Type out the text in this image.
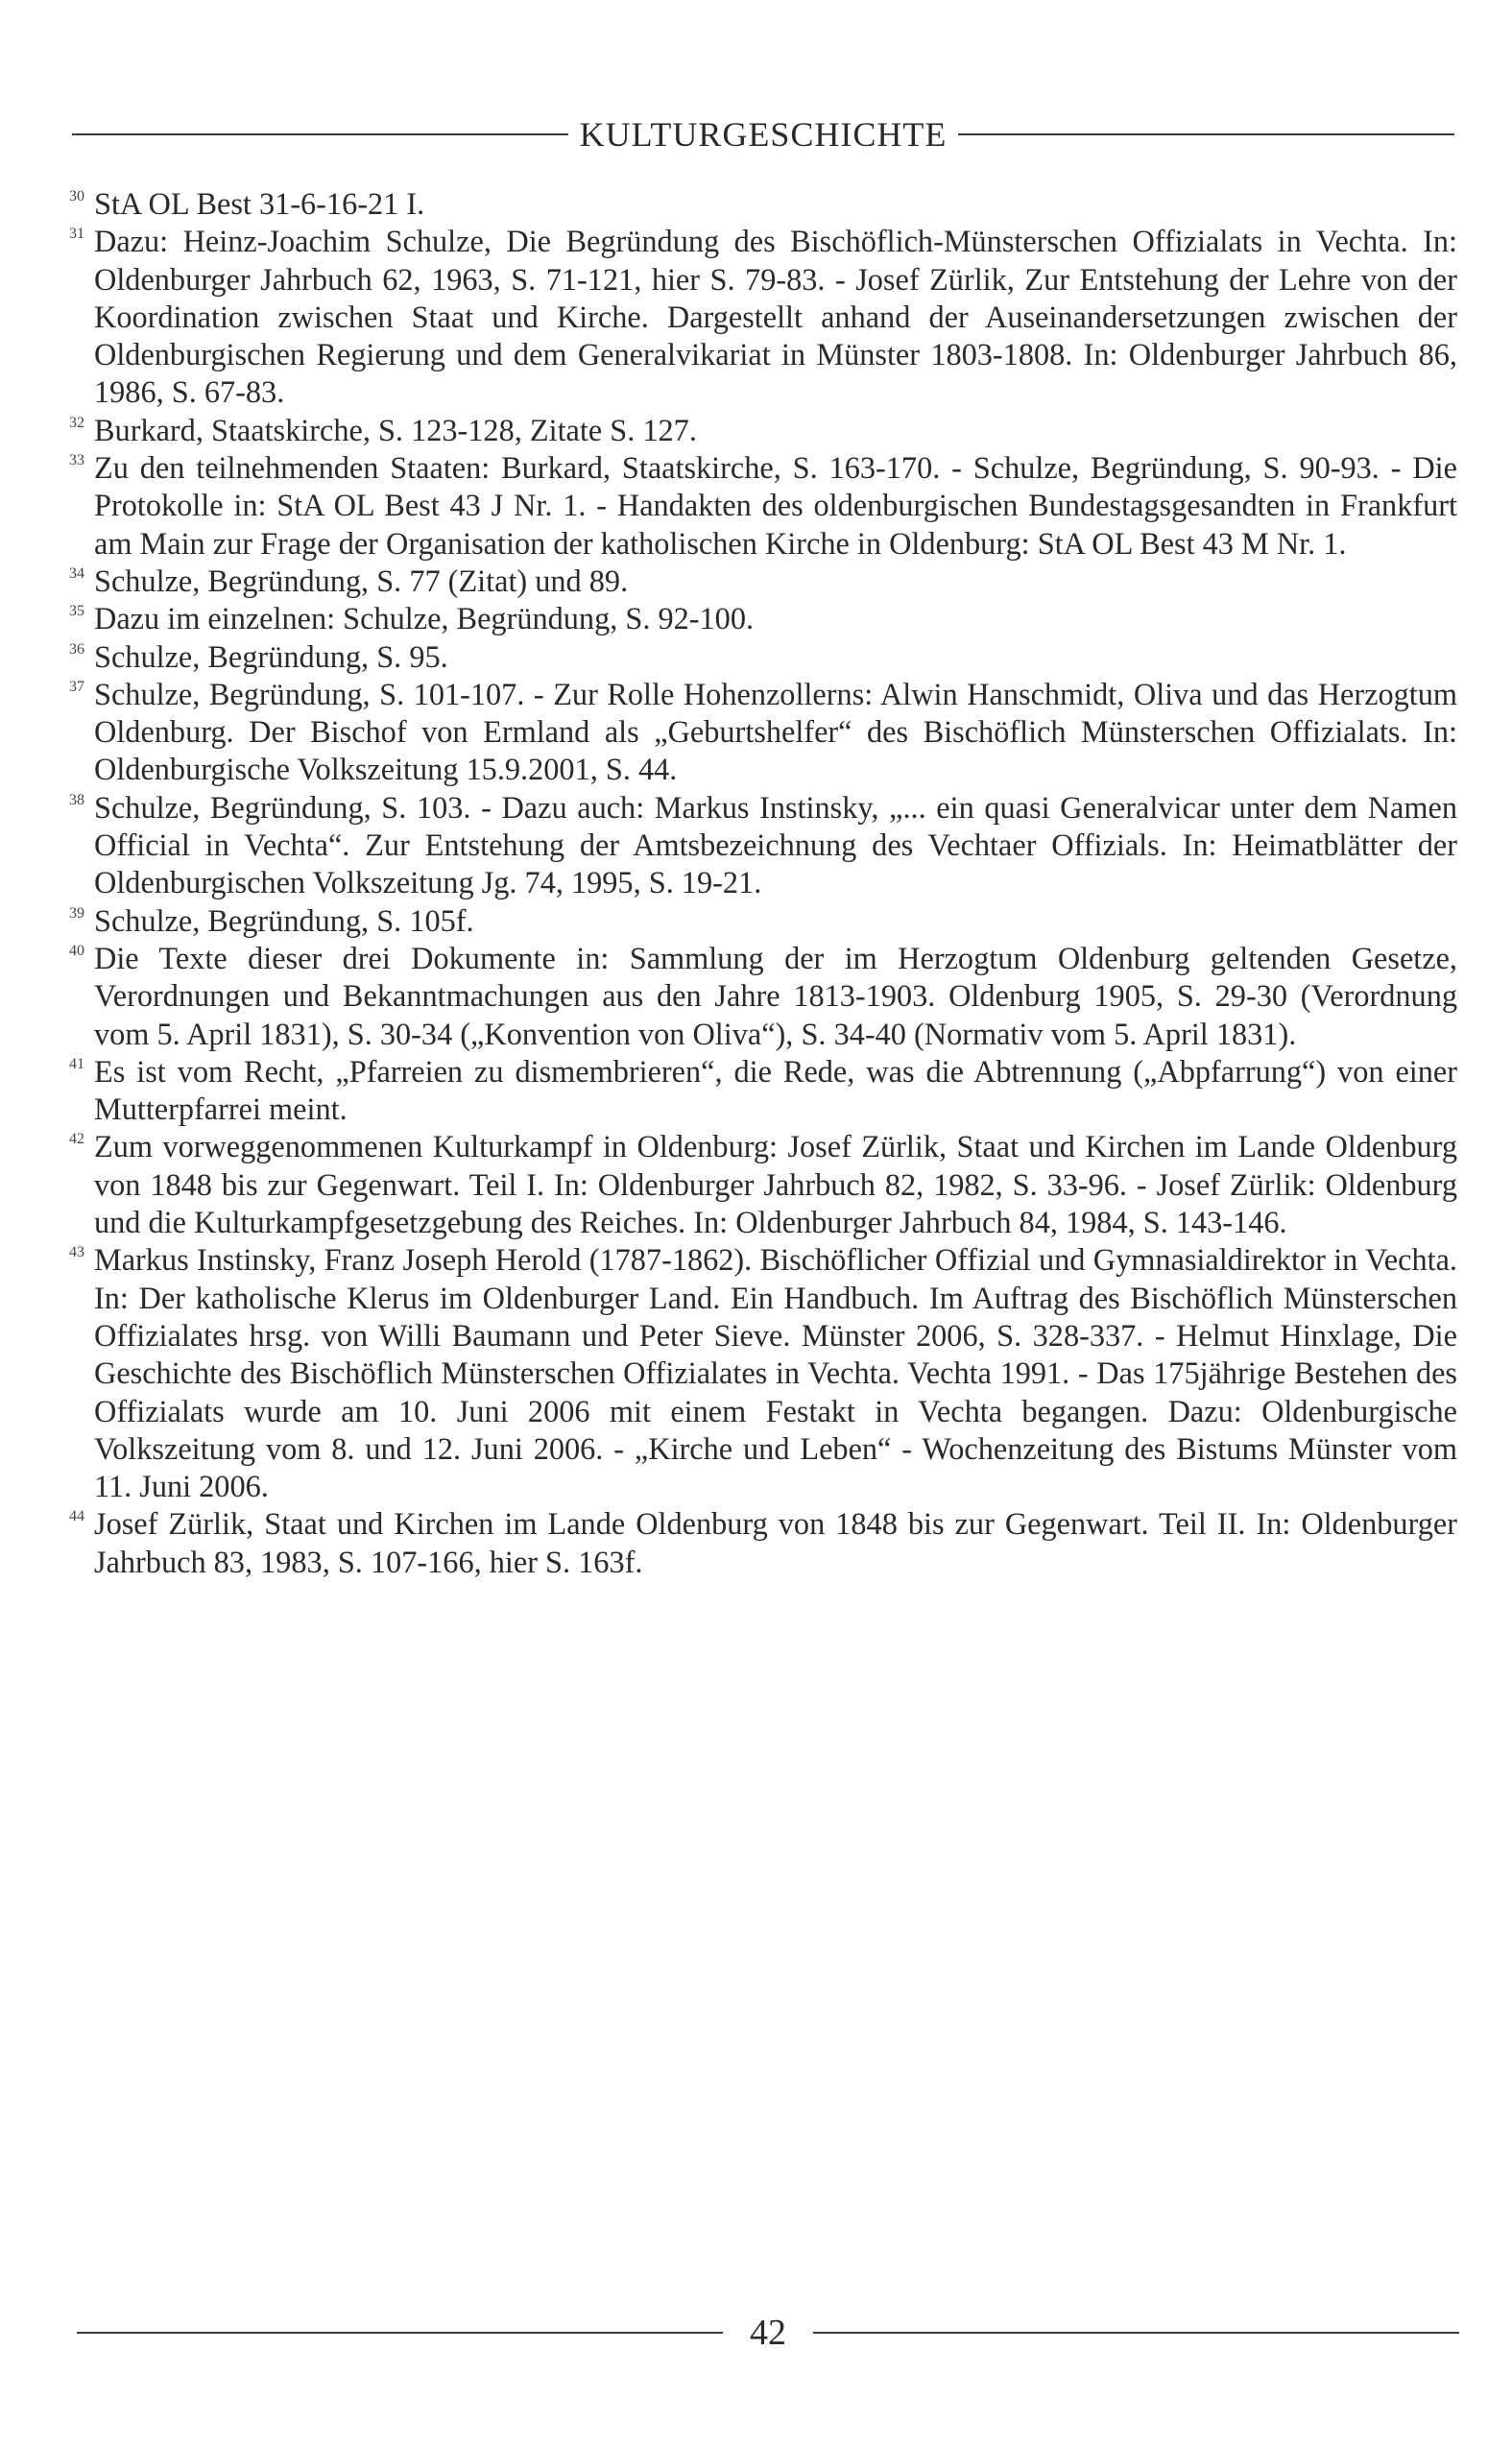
KULTURGESCHICHTE
30 StA OL Best 31-6-16-21 I.
31 Dazu: Heinz-Joachim Schulze, Die Begründung des Bischöflich-Münsterschen Offizialats in Vechta. In: Oldenburger Jahrbuch 62, 1963, S. 71-121, hier S. 79-83. - Josef Zürlik, Zur Entstehung der Lehre von der Koordination zwischen Staat und Kirche. Dargestellt anhand der Auseinandersetzungen zwischen der Oldenburgischen Regierung und dem Generalvikariat in Münster 1803-1808. In: Oldenburger Jahrbuch 86, 1986, S. 67-83.
32 Burkard, Staatskirche, S. 123-128, Zitate S. 127.
33 Zu den teilnehmenden Staaten: Burkard, Staatskirche, S. 163-170. - Schulze, Begründung, S. 90-93. - Die Protokolle in: StA OL Best 43 J Nr. 1. - Handakten des oldenburgischen Bundestagsgesandten in Frankfurt am Main zur Frage der Organisation der katholischen Kirche in Oldenburg: StA OL Best 43 M Nr. 1.
34 Schulze, Begründung, S. 77 (Zitat) und 89.
35 Dazu im einzelnen: Schulze, Begründung, S. 92-100.
36 Schulze, Begründung, S. 95.
37 Schulze, Begründung, S. 101-107. - Zur Rolle Hohenzollerns: Alwin Hanschmidt, Oliva und das Herzogtum Oldenburg. Der Bischof von Ermland als „Geburtshelfer“ des Bischöflich Münsterschen Offizialats. In: Oldenburgische Volkszeitung 15.9.2001, S. 44.
38 Schulze, Begründung, S. 103. - Dazu auch: Markus Instinsky, „... ein quasi Generalvicar unter dem Namen Official in Vechta“. Zur Entstehung der Amtsbezeichnung des Vechtaer Offizials. In: Heimatblätter der Oldenburgischen Volkszeitung Jg. 74, 1995, S. 19-21.
39 Schulze, Begründung, S. 105f.
40 Die Texte dieser drei Dokumente in: Sammlung der im Herzogtum Oldenburg geltenden Gesetze, Verordnungen und Bekanntmachungen aus den Jahre 1813-1903. Oldenburg 1905, S. 29-30 (Verordnung vom 5. April 1831), S. 30-34 („Konvention von Oliva“), S. 34-40 (Normativ vom 5. April 1831).
41 Es ist vom Recht, „Pfarreien zu dismembrieren“, die Rede, was die Abtrennung („Abpfarrung“) von einer Mutterpfarrei meint.
42 Zum vorweggenommenen Kulturkampf in Oldenburg: Josef Zürlik, Staat und Kirchen im Lande Oldenburg von 1848 bis zur Gegenwart. Teil I. In: Oldenburger Jahrbuch 82, 1982, S. 33-96. - Josef Zürlik: Oldenburg und die Kulturkampfgesetzgebung des Reiches. In: Oldenburger Jahrbuch 84, 1984, S. 143-146.
43 Markus Instinsky, Franz Joseph Herold (1787-1862). Bischöflicher Offizial und Gymnasialdirektor in Vechta. In: Der katholische Klerus im Oldenburger Land. Ein Handbuch. Im Auftrag des Bischöflich Münsterschen Offizialates hrsg. von Willi Baumann und Peter Sieve. Münster 2006, S. 328-337. - Helmut Hinxlage, Die Geschichte des Bischöflich Münsterschen Offizialates in Vechta. Vechta 1991. - Das 175jährige Bestehen des Offizialats wurde am 10. Juni 2006 mit einem Festakt in Vechta begangen. Dazu: Oldenburgische Volkszeitung vom 8. und 12. Juni 2006. - „Kirche und Leben“ - Wochenzeitung des Bistums Münster vom 11. Juni 2006.
44 Josef Zürlik, Staat und Kirchen im Lande Oldenburg von 1848 bis zur Gegenwart. Teil II. In: Oldenburger Jahrbuch 83, 1983, S. 107-166, hier S. 163f.
42
